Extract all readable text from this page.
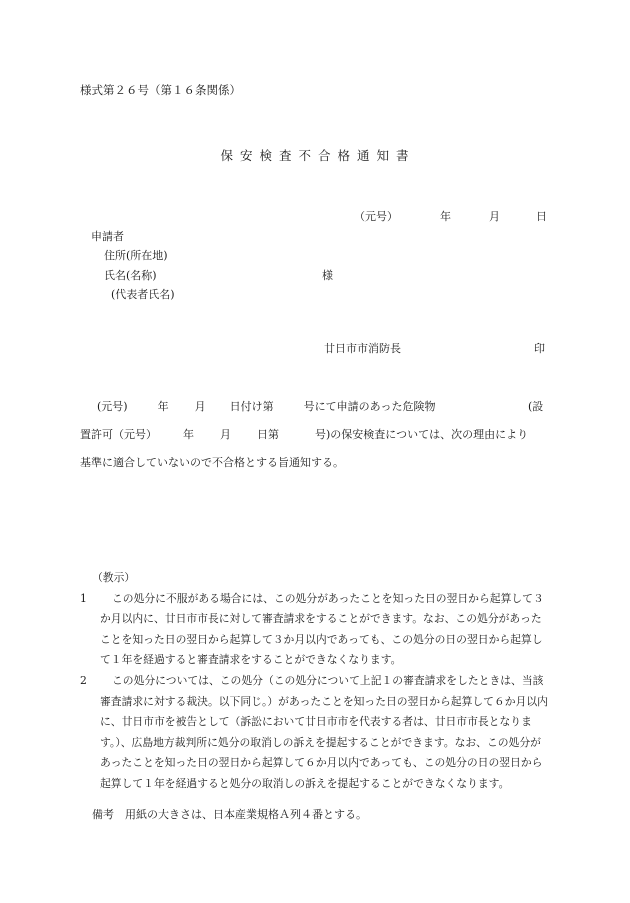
様式第２６号（第１６条関係）
保安検査不合格通知書
（元号）	年	月	日
申請者
住所(所在地)
氏名(名称)	様
(代表者氏名)
廿日市市消防長	印
(元号)	年 月 日付け第	号にて申請のあった危険物	(設
置許可（元号） 年 月 日第	号)の保安検査については、次の理由により
基準に適合していないので不合格とする旨通知する。
（教示）
1	この処分に不服がある場合には、この処分があったことを知った日の翌日から起算して３か月以内に、廿日市市長に対して審査請求をすることができます。なお、この処分があったことを知った日の翌日から起算して３か月以内であっても、この処分の日の翌日から起算して１年を経過すると審査請求をすることができなくなります。
2	この処分については、この処分（この処分について上記１の審査請求をしたときは、当該審査請求に対する裁決。以下同じ。）があったことを知った日の翌日から起算して６か月以内に、廿日市市を被告として（訴訟において廿日市市を代表する者は、廿日市市長となります。）、広島地方裁判所に処分の取消しの訴えを提起することができます。なお、この処分があったことを知った日の翌日から起算して６か月以内であっても、この処分の日の翌日から起算して１年を経過すると処分の取消しの訴えを提起することができなくなります。
備考　用紙の大きさは、日本産業規格Ａ列４番とする。
